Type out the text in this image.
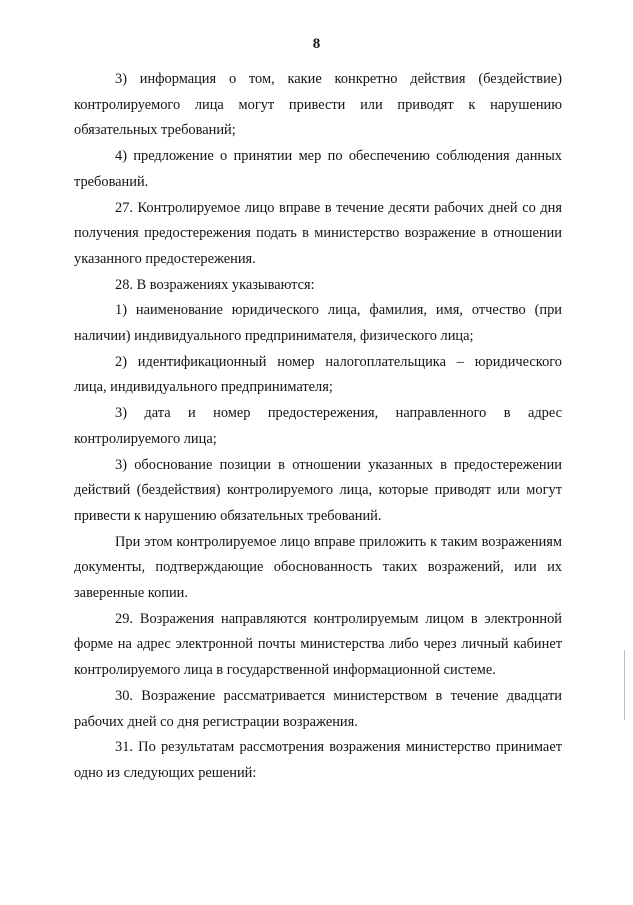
8

3) информация о том, какие конкретно действия (бездействие) контролируемого лица могут привести или приводят к нарушению обязательных требований;

4) предложение о принятии мер по обеспечению соблюдения данных требований.

27. Контролируемое лицо вправе в течение десяти рабочих дней со дня получения предостережения подать в министерство возражение в отношении указанного предостережения.

28. В возражениях указываются:

1) наименование юридического лица, фамилия, имя, отчество (при наличии) индивидуального предпринимателя, физического лица;

2) идентификационный номер налогоплательщика – юридического лица, индивидуального предпринимателя;

3) дата и номер предостережения, направленного в адрес контролируемого лица;

3) обоснование позиции в отношении указанных в предостережении действий (бездействия) контролируемого лица, которые приводят или могут привести к нарушению обязательных требований.

При этом контролируемое лицо вправе приложить к таким возражениям документы, подтверждающие обоснованность таких возражений, или их заверенные копии.

29. Возражения направляются контролируемым лицом в электронной форме на адрес электронной почты министерства либо через личный кабинет контролируемого лица в государственной информационной системе.

30. Возражение рассматривается министерством в течение двадцати рабочих дней со дня регистрации возражения.

31. По результатам рассмотрения возражения министерство принимает одно из следующих решений:
